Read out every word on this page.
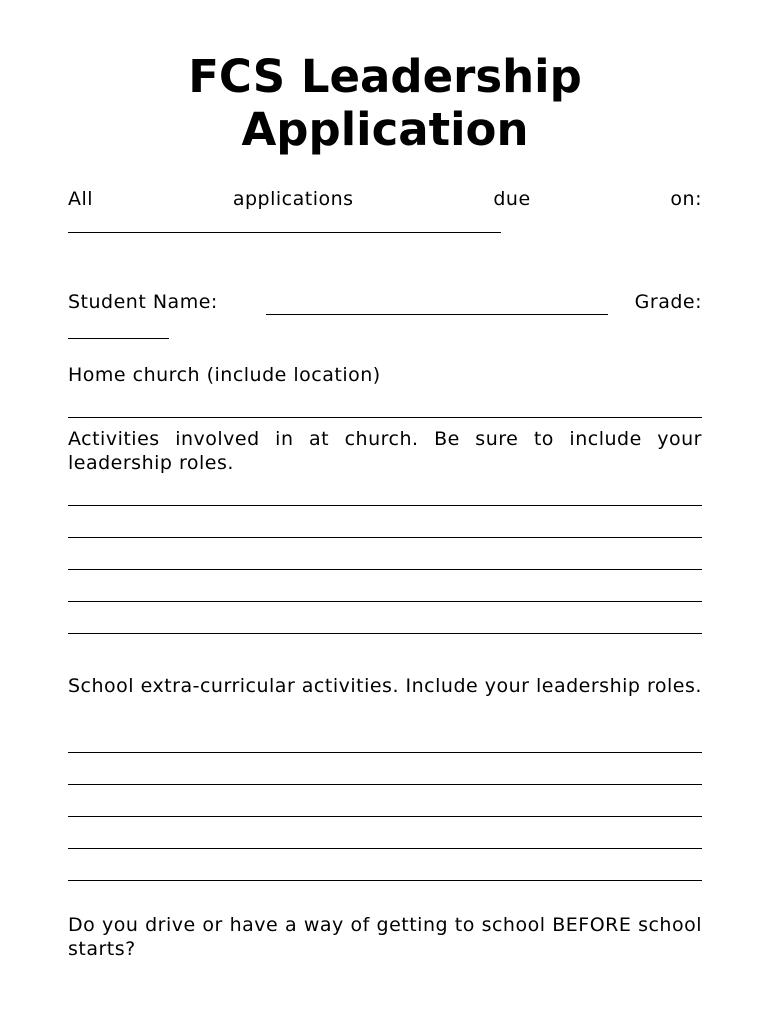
FCS Leadership
Application
All	applications	due	on:
Student Name:	Grade:

Home church (include location)

Activities involved in at church. Be sure to include your leadership roles.

School extra-curricular activities. Include your leadership roles.

Do you drive or have a way of getting to school BEFORE school starts?
